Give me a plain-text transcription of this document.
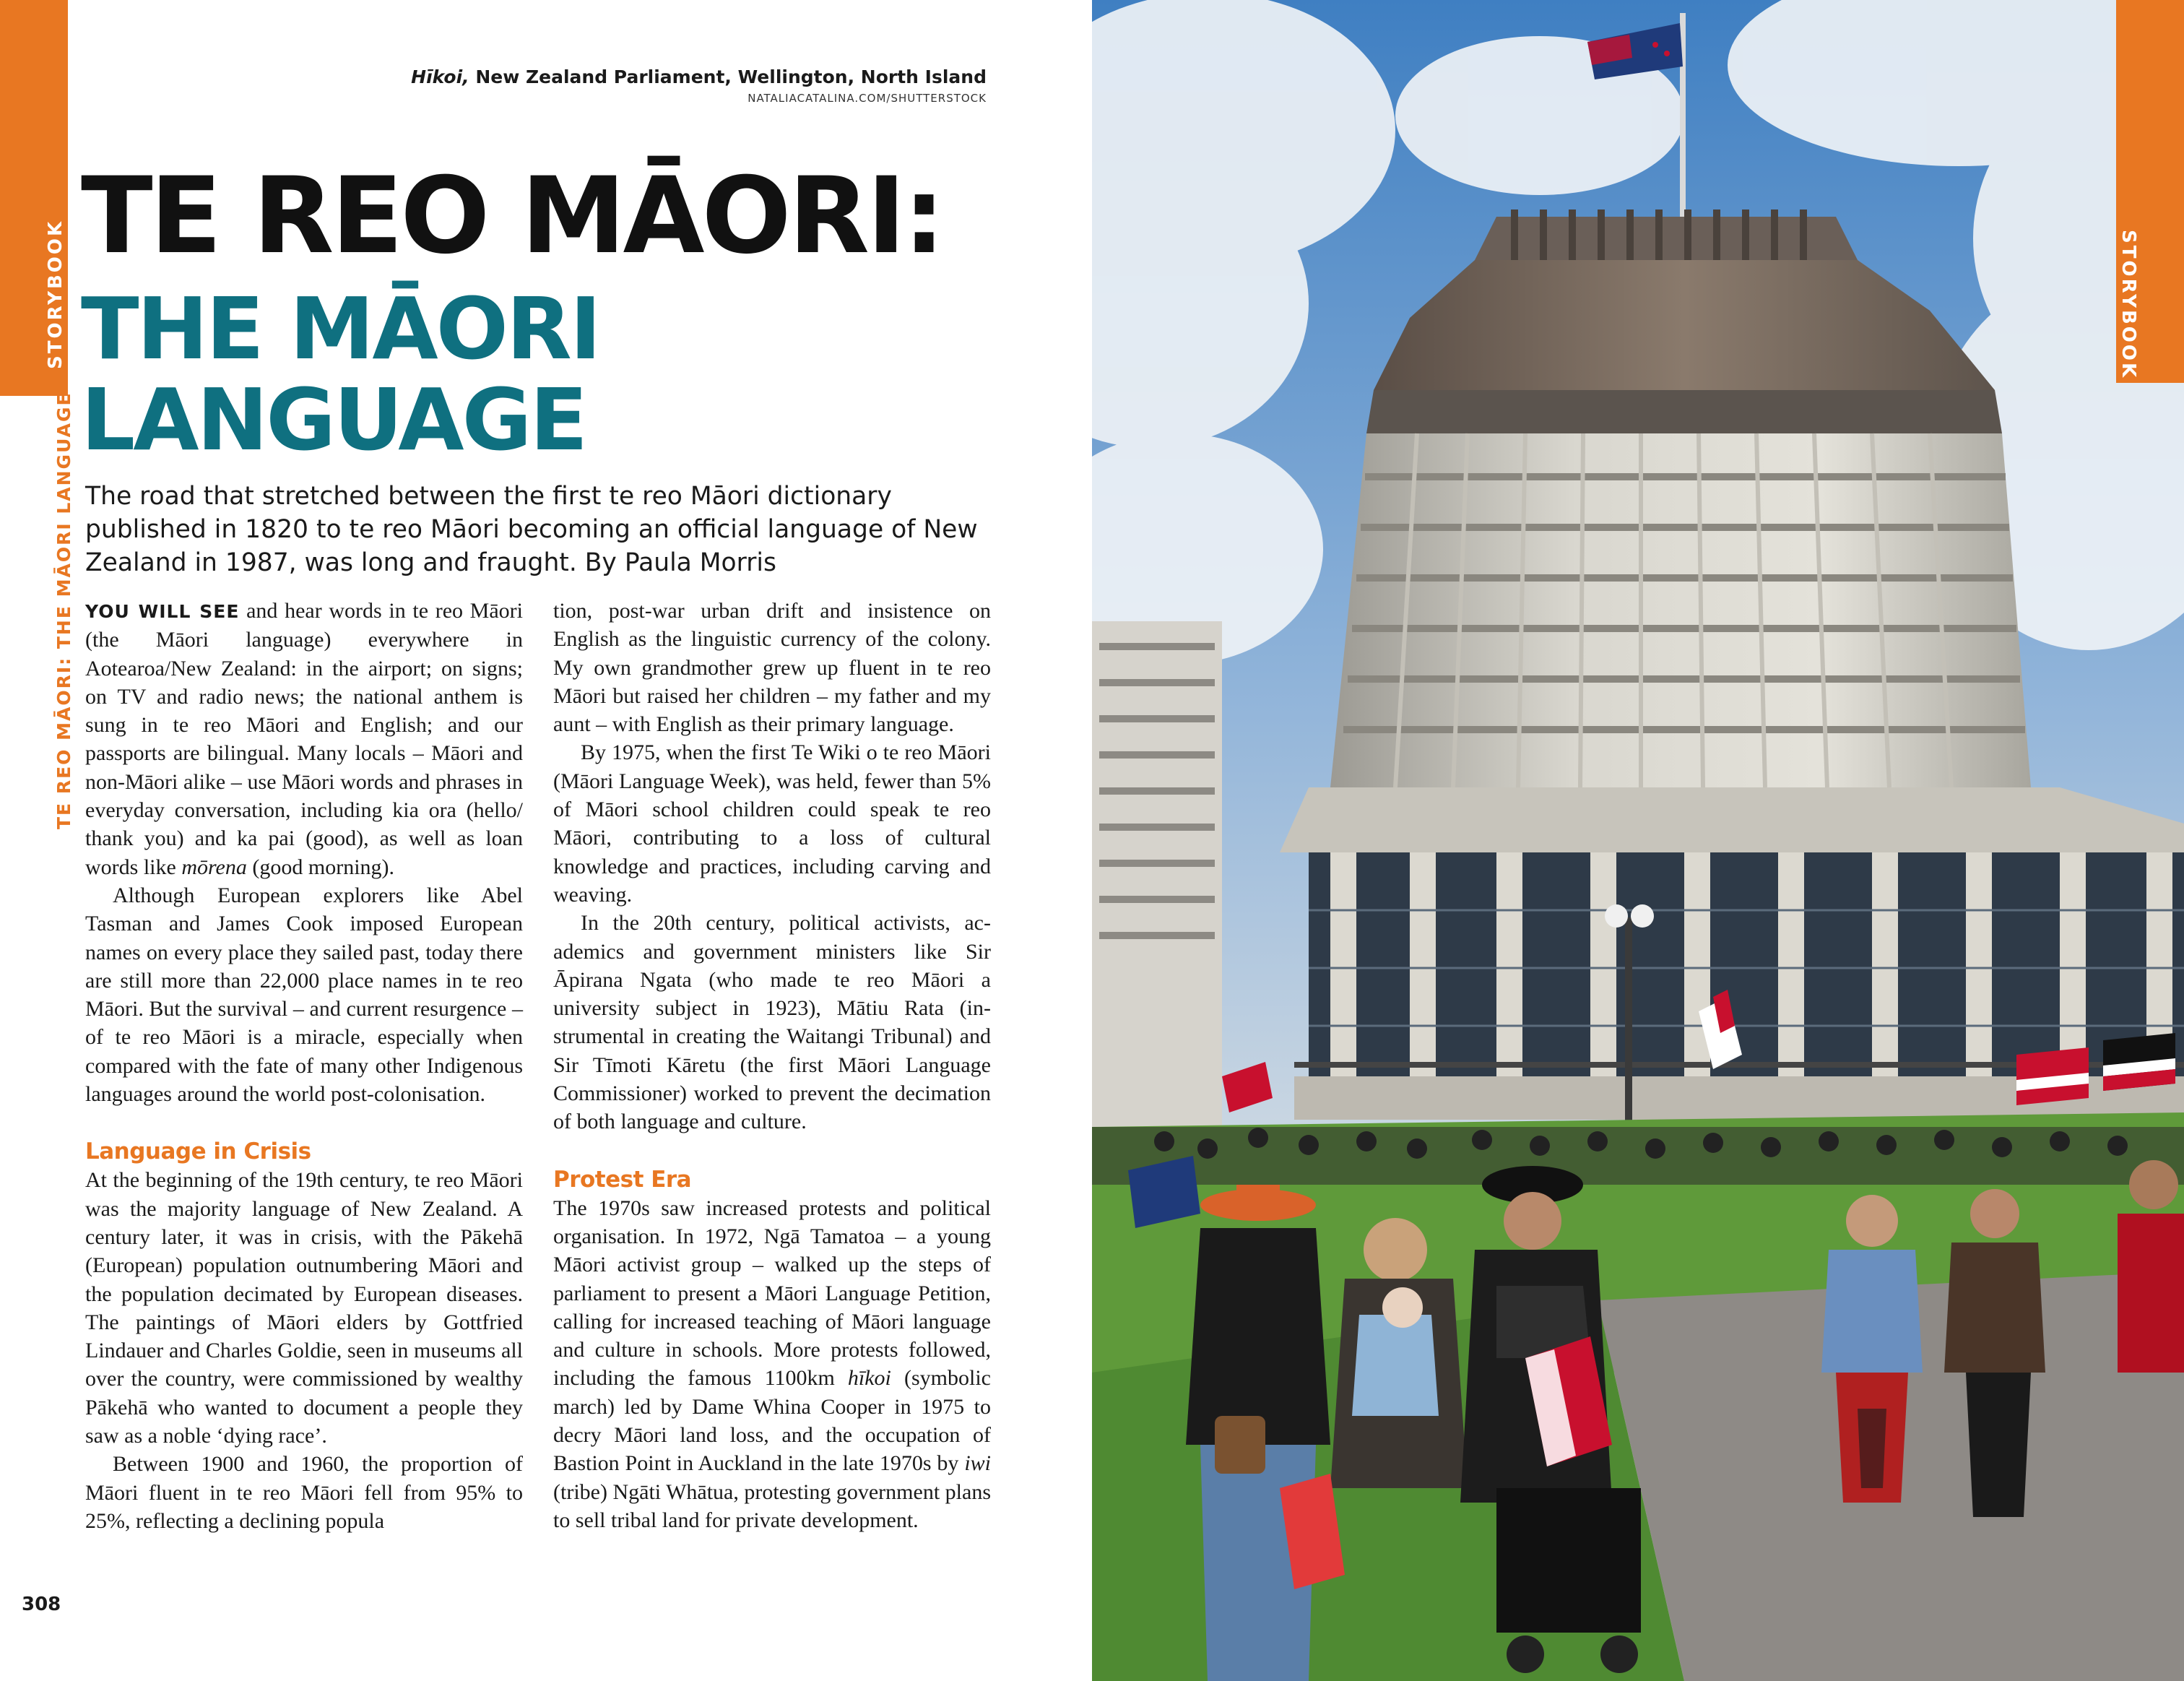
STORYBOOK
TE REO MĀORI: THE MĀORI LANGUAGE
Hīkoi, New Zealand Parliament, Wellington, North Island
NATALIACATALINA.COM/SHUTTERSTOCK
TE REO MĀORI:
THE MĀORI
LANGUAGE
The road that stretched between the first te reo Māori dictionary published in 1820 to te reo Māori becoming an official language of New Zealand in 1987, was long and fraught. By Paula Morris

YOU WILL SEE and hear words in te reo Māori (the Māori language) everywhere in Aotearoa/New Zealand: in the airport; on signs; on TV and radio news; the national anthem is sung in te reo Māori and English; and our passports are bilingual. Many locals – Māori and non-Māori alike – use Māori words and phrases in everyday conversation, including kia ora (hello/ thank you) and ka pai (good), as well as loan words like mōrena (good morning).

Although European explorers like Abel Tasman and James Cook imposed European names on every place they sailed past, today there are still more than 22,000 place names in te reo Māori. But the survival – and current resurgence – of te reo Māori is a miracle, especially when compared with the fate of many other Indigenous languages around the world post-colonisation.

Language in Crisis

At the beginning of the 19th century, te reo Māori was the majority language of New Zealand. A century later, it was in crisis, with the Pākehā (European) population outnumbering Māori and the population decimated by European diseases. The paintings of Māori elders by Gottfried Lindauer and Charles Goldie, seen in museums all over the country, were commissioned by wealthy Pākehā who wanted to document a people they saw as a noble ‘dying race’.

Between 1900 and 1960, the proportion of Māori fluent in te reo Māori fell from 95% to 25%, reflecting a declining popula

tion, post-war urban drift and insistence on English as the linguistic currency of the colony. My own grandmother grew up fluent in te reo Māori but raised her children – my father and my aunt – with English as their primary language.

By 1975, when the first Te Wiki o te reo Māori (Māori Language Week), was held, fewer than 5% of Māori school children could speak te reo Māori, contributing to a loss of cultural knowledge and practices, including carving and weaving.

In the 20th century, political activists, academics and government ministers like Sir Āpirana Ngata (who made te reo Māori a university subject in 1923), Mātiu Rata (instrumental in creating the Waitangi Tribunal) and Sir Tīmoti Kāretu (the first Māori Language Commissioner) worked to prevent the decimation of both language and culture.

Protest Era

The 1970s saw increased protests and political organisation. In 1972, Ngā Tamatoa – a young Māori activist group – walked up the steps of parliament to present a Māori Language Petition, calling for increased teaching of Māori language and culture in schools. More protests followed, including the famous 1100km hīkoi (symbolic march) led by Dame Whina Cooper in 1975 to decry Māori land loss, and the occupation of Bastion Point in Auckland in the late 1970s by iwi (tribe) Ngāti Whātua, protesting government plans to sell tribal land for private development.

308
STORYBOOK
